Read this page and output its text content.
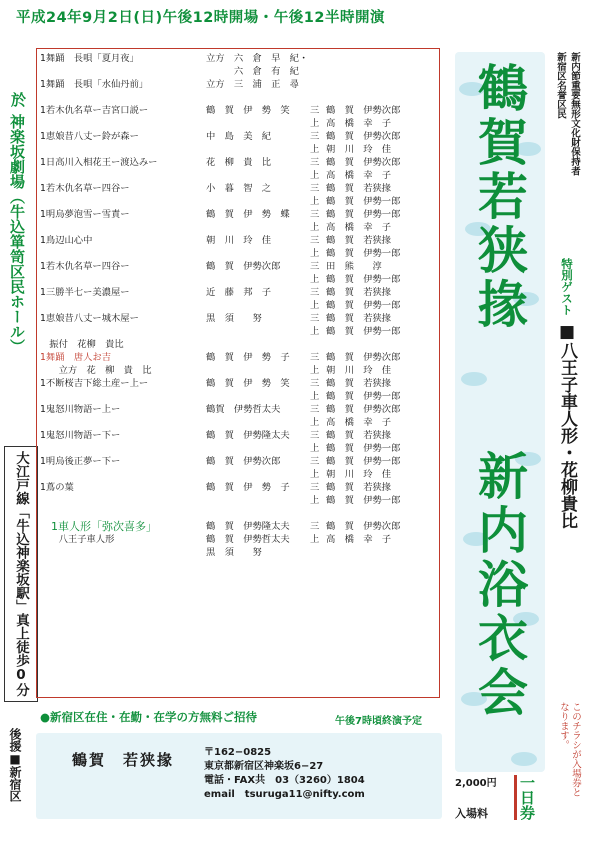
平成24年9月2日(日)午後12時開場・午後12半時開演
於
神楽坂劇場（牛込箪笥区民ホール）
大江戸線「牛込神楽坂駅」真上徒歩0分
後援■新宿区
1舞踊　長唄「夏月夜」	立方　六　倉　早　紀・
　　　六　倉　有　紀
1舞踊　長唄「水仙丹前」	立方　三　浦　正　尋
1若木仇名草ー吉宮口説ー	鶴　賀　伊　勢　笑 三 鶴　賀　伊勢次郎
上 高　橋　幸　子
1恵娘昔八丈ー鈴が森ー	中　島　美　紀	三 鶴　賀　伊勢次郎
上 朝　川　玲　佳
1日高川入相花王ー渡込みー	花　柳　貴　比	三 鶴　賀　伊勢次郎
上 高　橋　幸　子
1若木仇名草ー四谷ー	小　暮　智　之	三 鶴　賀　若狭掾
上 鶴　賀　伊勢一郎
1明烏夢泡雪ー雪責ー	鶴　賀　伊　勢　蝶 三 鶴　賀　伊勢一郎
上 高　橋　幸　子
1鳥辺山心中	朝　川　玲　佳	三 鶴　賀　若狭掾
上 鶴　賀　伊勢一郎
1若木仇名草ー四谷ー	鶴　賀　伊勢次郎	三 田　熊　　淳
上 鶴　賀　伊勢一郎
1三勝半七ー美濃屋ー	近　藤　邦　子	三 鶴　賀　若狭掾
上 鶴　賀　伊勢一郎
1恵娘昔八丈ー城木屋ー	黒　須　　努	三 鶴　賀　若狭掾
上 鶴　賀　伊勢一郎
　振付　花柳　貴比
1舞踊　唐人お吉	鶴　賀　伊　勢　子 三 鶴　賀　伊勢次郎
　　立方　花　柳　貴　比	上 朝　川　玲　佳
1不断桜吉下総土産ー上ー	鶴　賀　伊　勢　笑 三 鶴　賀　若狭掾
上 鶴　賀　伊勢一郎
1鬼怒川物語ー上ー	鶴賀　伊勢哲太夫	三 鶴　賀　伊勢次郎
上 高　橋　幸　子
1鬼怒川物語ー下ー	鶴　賀　伊勢隆太夫 三 鶴　賀　若狭掾
上 鶴　賀　伊勢一郎
1明烏後正夢ー下ー	鶴　賀　伊勢次郎	三 鶴　賀　伊勢一郎
上 朝　川　玲　佳
1蔦の葉	鶴　賀　伊　勢　子 三 鶴　賀　若狭掾
上 鶴　賀　伊勢一郎
　1車人形「弥次喜多」	鶴　賀　伊勢隆太夫 三 鶴　賀　伊勢次郎
　　八王子車人形	鶴　賀　伊勢哲太夫 上 高　橋　幸　子
黒　須　　努
鶴賀若狭掾
新内浴衣会
新内節重要無形文化財保持者
新宿区名誉区民
特別ゲスト
■八王子車人形・花柳貴比
このチラシが入場券と
なります。
●新宿区在住・在勤・在学の方無料ご招待	午後7時頃終演予定
鶴賀　若狭掾	〒162−0825
東京都新宿区神楽坂6−27
電話・FAX共　03（3260）1804
email　tsuruga11@nifty.com
2,000円
入場料 一日券
